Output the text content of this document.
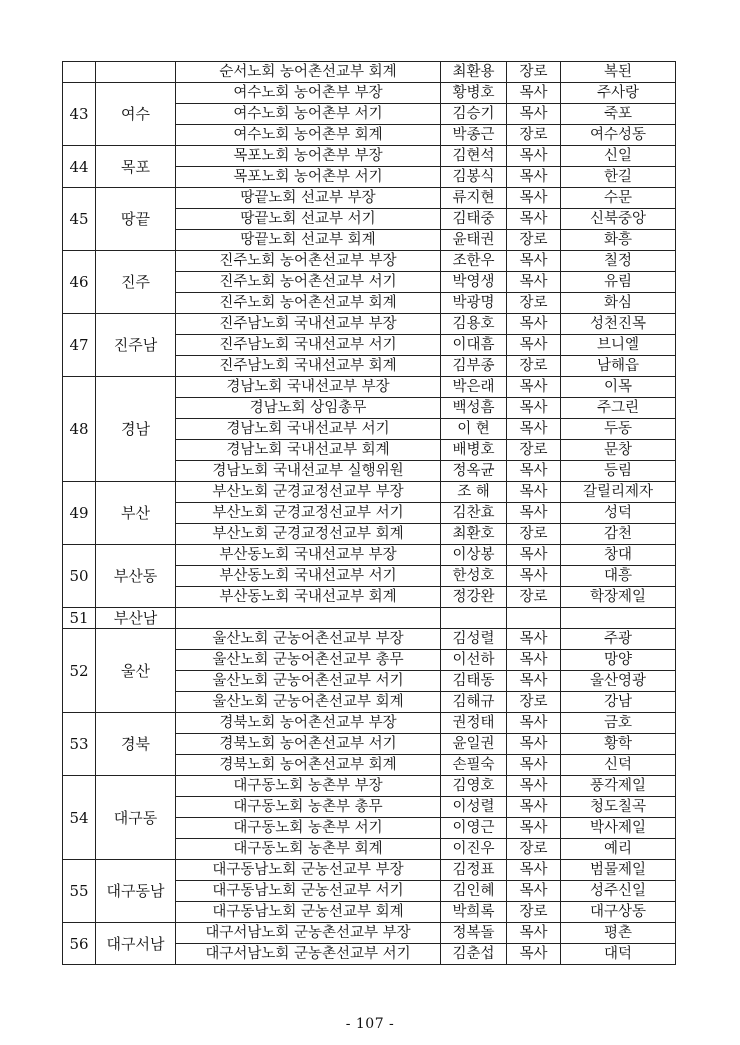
		순서노회 농어촌선교부 회계	최환용	장로	복된
43	여수	여수노회 농어촌부 부장	황병호	목사	주사랑
		여수노회 농어촌부 서기	김승기	목사	죽포
		여수노회 농어촌부 회계	박종근	장로	여수성동
44	목포	목포노회 농어촌부 부장	김현석	목사	신일
		목포노회 농어촌부 서기	김봉식	목사	한길
45	땅끝	땅끝노회 선교부 부장	류지현	목사	수문
		땅끝노회 선교부 서기	김태중	목사	신북중앙
		땅끝노회 선교부 회계	윤태권	장로	화흥
46	진주	진주노회 농어촌선교부 부장	조한우	목사	칠정
		진주노회 농어촌선교부 서기	박영생	목사	유림
		진주노회 농어촌선교부 회계	박광명	장로	화심
47	진주남	진주남노회 국내선교부 부장	김용호	목사	성천진목
		진주남노회 국내선교부 서기	이대흠	목사	브니엘
		진주남노회 국내선교부 회계	김부종	장로	남해읍
48	경남	경남노회 국내선교부 부장	박은래	목사	이목
		경남노회 상임총무	백성흠	목사	주그린
		경남노회 국내선교부 서기	이 현	목사	두동
		경남노회 국내선교부 회계	배병호	장로	문창
		경남노회 국내선교부 실행위원	정옥균	목사	등림
49	부산	부산노회 군경교정선교부 부장	조 해	목사	갈릴리제자
		부산노회 군경교정선교부 서기	김찬효	목사	성덕
		부산노회 군경교정선교부 회계	최환호	장로	감천
50	부산동	부산동노회 국내선교부 부장	이상봉	목사	창대
		부산동노회 국내선교부 서기	한성호	목사	대흥
		부산동노회 국내선교부 회계	정강완	장로	학장제일
51	부산남				
52	울산	울산노회 군농어촌선교부 부장	김성렬	목사	주광
		울산노회 군농어촌선교부 총무	이선하	목사	망양
		울산노회 군농어촌선교부 서기	김태동	목사	울산영광
		울산노회 군농어촌선교부 회계	김해규	장로	강남
53	경북	경북노회 농어촌선교부 부장	권정태	목사	금호
		경북노회 농어촌선교부 서기	윤일권	목사	황학
		경북노회 농어촌선교부 회계	손필숙	목사	신덕
54	대구동	대구동노회 농촌부 부장	김영호	목사	풍각제일
		대구동노회 농촌부 총무	이성렬	목사	청도칠곡
		대구동노회 농촌부 서기	이영근	목사	박사제일
		대구동노회 농촌부 회계	이진우	장로	예리
55	대구동남	대구동남노회 군농선교부 부장	김정표	목사	범물제일
		대구동남노회 군농선교부 서기	김인혜	목사	성주신일
		대구동남노회 군농선교부 회계	박희록	장로	대구상동
56	대구서남	대구서남노회 군농촌선교부 부장	정복돌	목사	평촌
		대구서남노회 군농촌선교부 서기	김춘섭	목사	대덕
- 107 -
